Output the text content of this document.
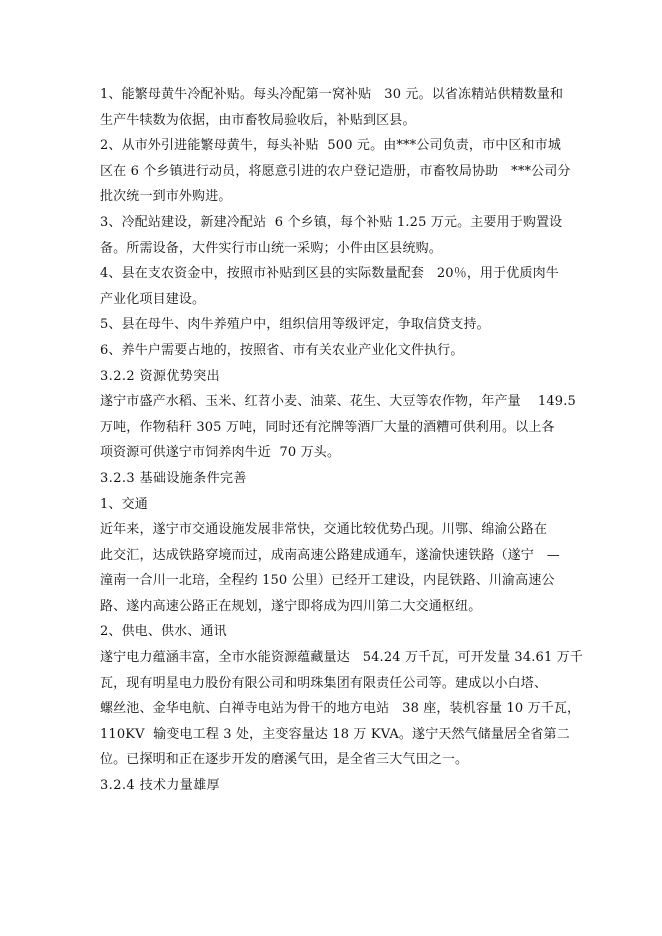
1、能繁母黄牛冷配补贴。每头冷配第一窝补贴   30 元。以省冻精站供精数量和
生产牛犊数为依据，由市畜牧局验收后，补贴到区县。
2、从市外引进能繁母黄牛，每头补贴  500 元。由***公司负责，市中区和市城
区在 6 个乡镇进行动员，将愿意引进的农户登记造册，市畜牧局协助   ***公司分
批次统一到市外购进。
3、冷配站建设，新建冷配站  6 个乡镇，每个补贴 1.25 万元。主要用于购置设
备。所需设备，大件实行市山统一采购；小件由区县统购。
4、县在支农资金中，按照市补贴到区县的实际数量配套   20％，用于优质肉牛
产业化项目建设。
5、县在母牛、肉牛养殖户中，组织信用等级评定，争取信贷支持。
6、养牛户需要占地的，按照省、市有关农业产业化文件执行。
3.2.2 资源优势突出
遂宁市盛产水稻、玉米、红苕小麦、油菜、花生、大豆等农作物，年产量    149.5
万吨，作物秸秆 305 万吨，同时还有沱牌等酒厂大量的酒糟可供利用。以上各
项资源可供遂宁市饲养肉牛近  70 万头。
3.2.3 基础设施条件完善
1、交通
近年来，遂宁市交通设施发展非常快，交通比较优势凸现。川鄂、绵渝公路在
此交汇，达成铁路穿境而过，成南高速公路建成通车，遂渝快速铁路（遂宁   —
潼南一合川一北琣，全程约 150 公里）已经开工建设，内昆铁路、川渝高速公
路、遂内高速公路正在规划，遂宁即将成为四川第二大交通枢纽。
2、供电、供水、通讯
遂宁电力蕴涵丰富，全市水能资源蕴藏量达   54.24 万千瓦，可开发量 34.61 万千
瓦，现有明星电力股份有限公司和明珠集团有限责任公司等。建成以小白塔、
螺丝池、金华电航、白禅寺电站为骨干的地方电站   38 座，装机容量 10 万千瓦，
110KV  输变电工程 3 处，主变容量达 18 万 KVA。遂宁天然气储量居全省第二
位。已探明和正在逐步开发的磨溪气田，是全省三大气田之一。
3.2.4 技术力量雄厚
